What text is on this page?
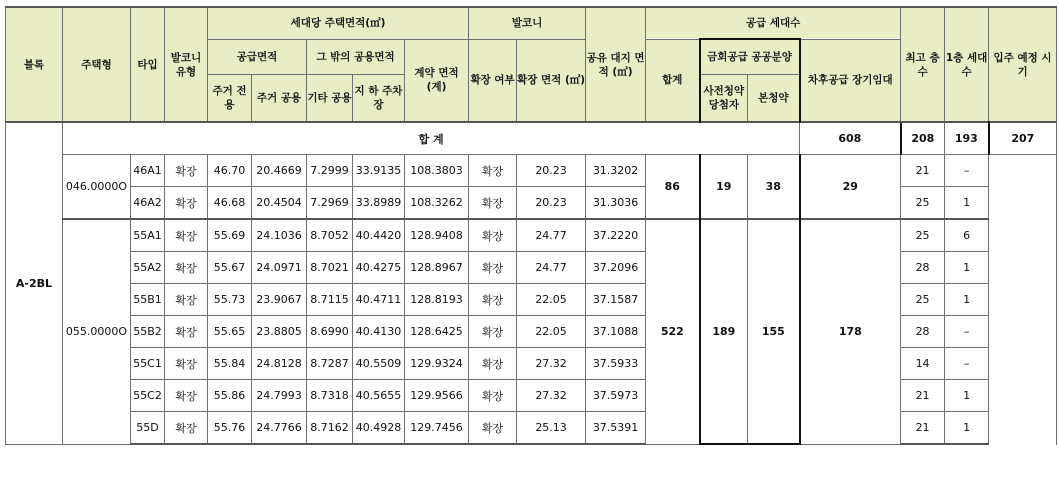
블록	주택형	타입	발코니 유형	세대당 주택면적(㎡)					발코니		공유 대지 면적 (㎡)	공급 세대수				최고 층수	1층 세대수	입주 예정 시기	
				공급면적		그 밖의 공용면적		계약 면적 (계)	확장 여부	확장 면적 (㎡)		합계	금회공급 공공분양		차후공급 장기임대				
				주거 전용	주거 공용	기타 공용	지 하 주차장						사전청약 당첨자	본청약					
A-2BL	합 계														608	208	193	207			
	046.0000O	46A1	확장	46.70	20.4669	7.2999	33.9135	108.3803	확장	20.23	31.3202	86	19	38	29	21	–		
		46A2	확장	46.68	20.4504	7.2969	33.8989	108.3262	확장	20.23	31.3036					25	1		
	055.0000O	55A1	확장	55.69	24.1036	8.7052	40.4420	128.9408	확장	24.77	37.2220	522	189	155	178	25	6		
		55A2	확장	55.67	24.0971	8.7021	40.4275	128.8967	확장	24.77	37.2096					28	1		
		55B1	확장	55.73	23.9067	8.7115	40.4711	128.8193	확장	22.05	37.1587					25	1		
		55B2	확장	55.65	23.8805	8.6990	40.4130	128.6425	확장	22.05	37.1088					28	–		
		55C1	확장	55.84	24.8128	8.7287	40.5509	129.9324	확장	27.32	37.5933					14	–		
		55C2	확장	55.86	24.7993	8.7318	40.5655	129.9566	확장	27.32	37.5973					21	1		
		55D	확장	55.76	24.7766	8.7162	40.4928	129.7456	확장	25.13	37.5391					21	1		
